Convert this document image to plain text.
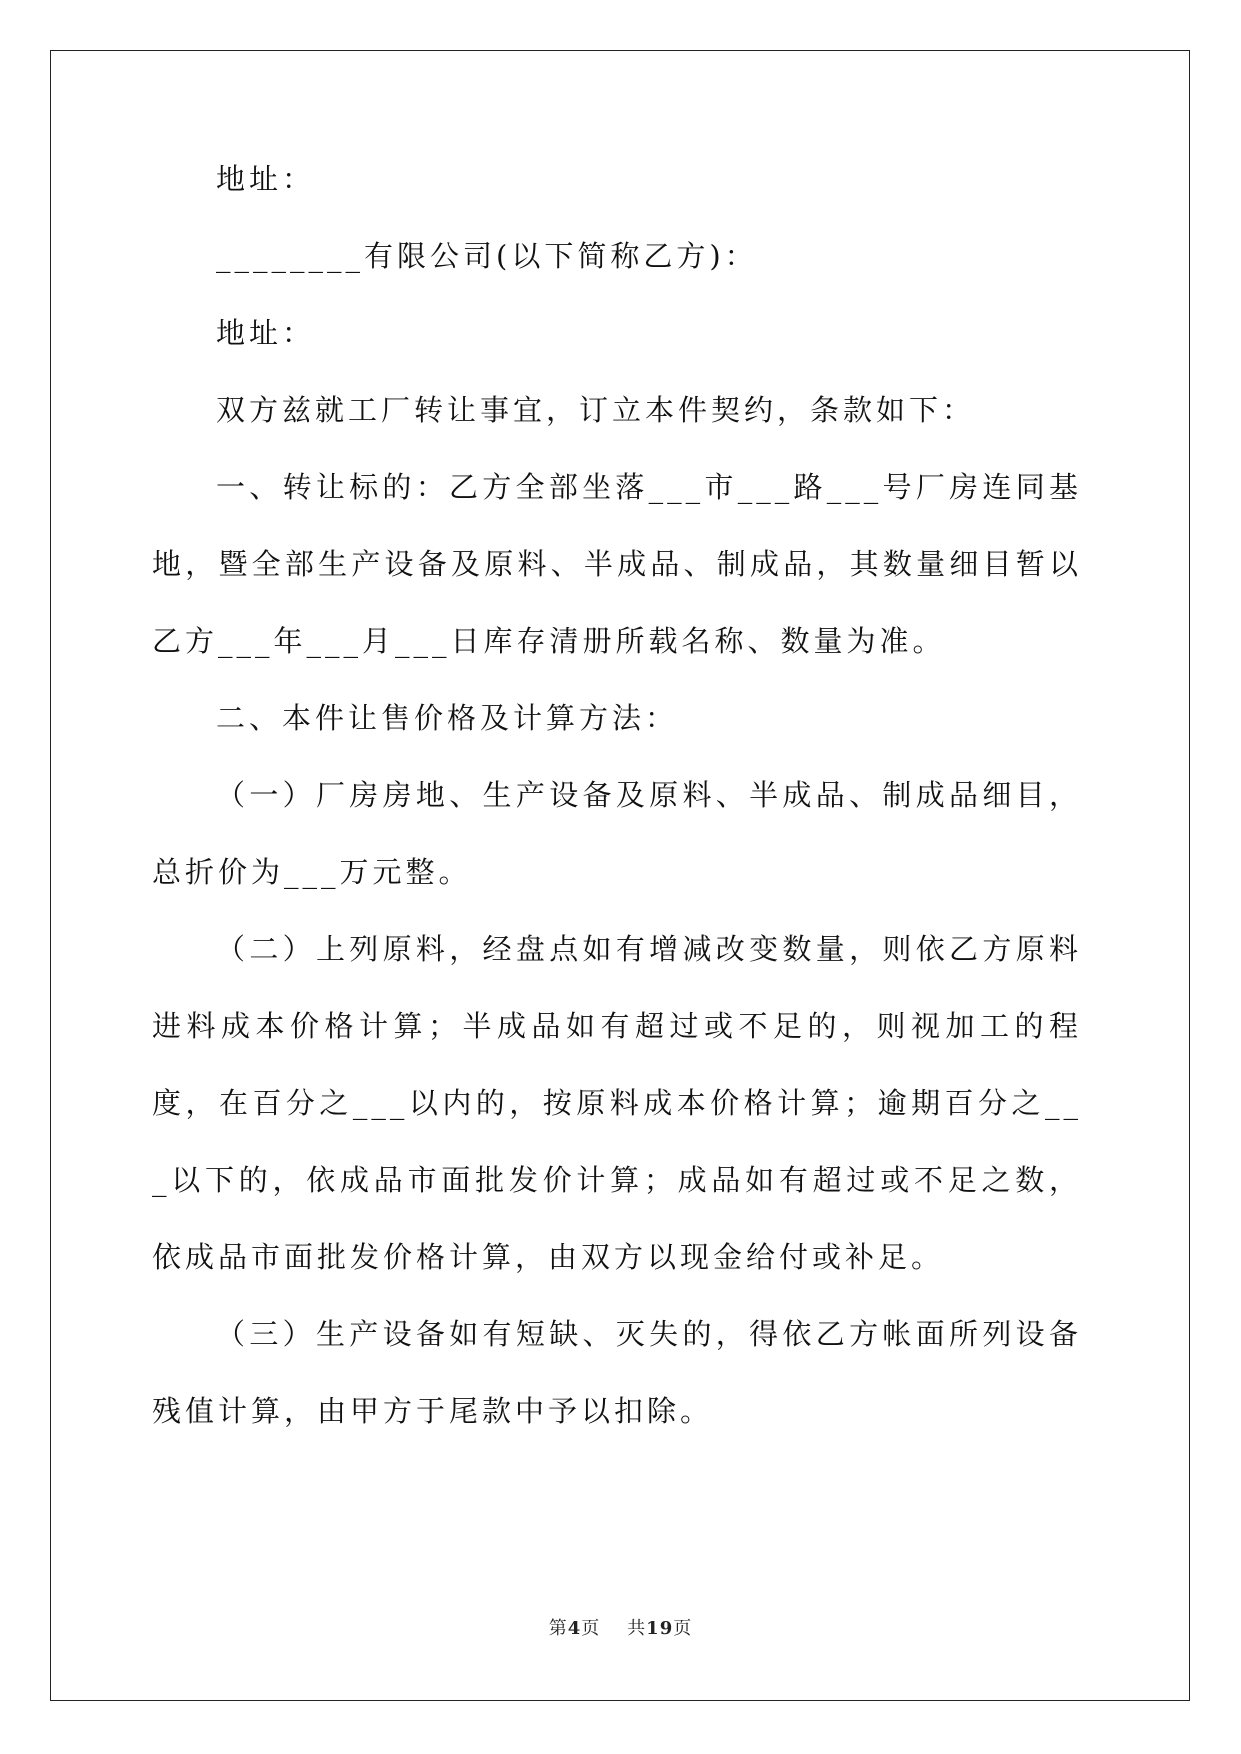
地址：

________有限公司(以下简称乙方)：

地址：

双方兹就工厂转让事宜，订立本件契约，条款如下：

一、转让标的：乙方全部坐落___市___路___号厂房连同基地，暨全部生产设备及原料、半成品、制成品，其数量细目暂以乙方___年___月___日库存清册所载名称、数量为准。

二、本件让售价格及计算方法：

（一）厂房房地、生产设备及原料、半成品、制成品细目，总折价为___万元整。

（二）上列原料，经盘点如有增减改变数量，则依乙方原料进料成本价格计算；半成品如有超过或不足的，则视加工的程度，在百分之___以内的，按原料成本价格计算；逾期百分之___以下的，依成品市面批发价计算；成品如有超过或不足之数，依成品市面批发价格计算，由双方以现金给付或补足。

（三）生产设备如有短缺、灭失的，得依乙方帐面所列设备残值计算，由甲方于尾款中予以扣除。

第4页 共19页
